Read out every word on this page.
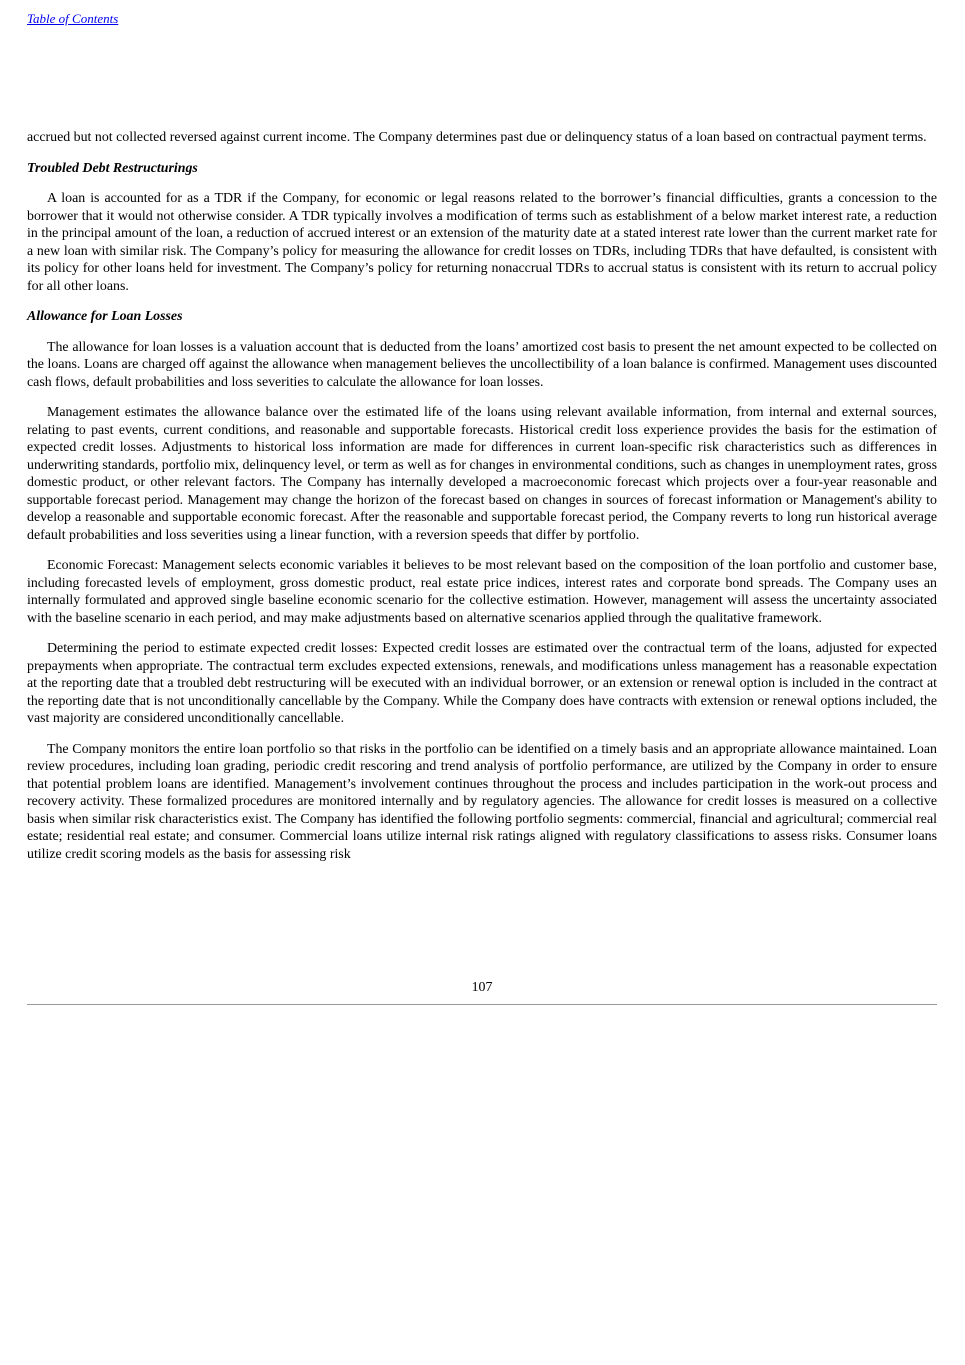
Table of Contents

accrued but not collected reversed against current income. The Company determines past due or delinquency status of a loan based on contractual payment terms.

Troubled Debt Restructurings

A loan is accounted for as a TDR if the Company, for economic or legal reasons related to the borrower’s financial difficulties, grants a concession to the borrower that it would not otherwise consider. A TDR typically involves a modification of terms such as establishment of a below market interest rate, a reduction in the principal amount of the loan, a reduction of accrued interest or an extension of the maturity date at a stated interest rate lower than the current market rate for a new loan with similar risk. The Company’s policy for measuring the allowance for credit losses on TDRs, including TDRs that have defaulted, is consistent with its policy for other loans held for investment. The Company’s policy for returning nonaccrual TDRs to accrual status is consistent with its return to accrual policy for all other loans.

Allowance for Loan Losses

The allowance for loan losses is a valuation account that is deducted from the loans’ amortized cost basis to present the net amount expected to be collected on the loans. Loans are charged off against the allowance when management believes the uncollectibility of a loan balance is confirmed. Management uses discounted cash flows, default probabilities and loss severities to calculate the allowance for loan losses.

Management estimates the allowance balance over the estimated life of the loans using relevant available information, from internal and external sources, relating to past events, current conditions, and reasonable and supportable forecasts. Historical credit loss experience provides the basis for the estimation of expected credit losses. Adjustments to historical loss information are made for differences in current loan-specific risk characteristics such as differences in underwriting standards, portfolio mix, delinquency level, or term as well as for changes in environmental conditions, such as changes in unemployment rates, gross domestic product, or other relevant factors. The Company has internally developed a macroeconomic forecast which projects over a four-year reasonable and supportable forecast period. Management may change the horizon of the forecast based on changes in sources of forecast information or Management's ability to develop a reasonable and supportable economic forecast. After the reasonable and supportable forecast period, the Company reverts to long run historical average default probabilities and loss severities using a linear function, with a reversion speeds that differ by portfolio.

Economic Forecast: Management selects economic variables it believes to be most relevant based on the composition of the loan portfolio and customer base, including forecasted levels of employment, gross domestic product, real estate price indices, interest rates and corporate bond spreads. The Company uses an internally formulated and approved single baseline economic scenario for the collective estimation. However, management will assess the uncertainty associated with the baseline scenario in each period, and may make adjustments based on alternative scenarios applied through the qualitative framework.

Determining the period to estimate expected credit losses: Expected credit losses are estimated over the contractual term of the loans, adjusted for expected prepayments when appropriate. The contractual term excludes expected extensions, renewals, and modifications unless management has a reasonable expectation at the reporting date that a troubled debt restructuring will be executed with an individual borrower, or an extension or renewal option is included in the contract at the reporting date that is not unconditionally cancellable by the Company. While the Company does have contracts with extension or renewal options included, the vast majority are considered unconditionally cancellable.

The Company monitors the entire loan portfolio so that risks in the portfolio can be identified on a timely basis and an appropriate allowance maintained. Loan review procedures, including loan grading, periodic credit rescoring and trend analysis of portfolio performance, are utilized by the Company in order to ensure that potential problem loans are identified. Management’s involvement continues throughout the process and includes participation in the work-out process and recovery activity. These formalized procedures are monitored internally and by regulatory agencies. The allowance for credit losses is measured on a collective basis when similar risk characteristics exist. The Company has identified the following portfolio segments: commercial, financial and agricultural; commercial real estate; residential real estate; and consumer. Commercial loans utilize internal risk ratings aligned with regulatory classifications to assess risks. Consumer loans utilize credit scoring models as the basis for assessing risk

107
